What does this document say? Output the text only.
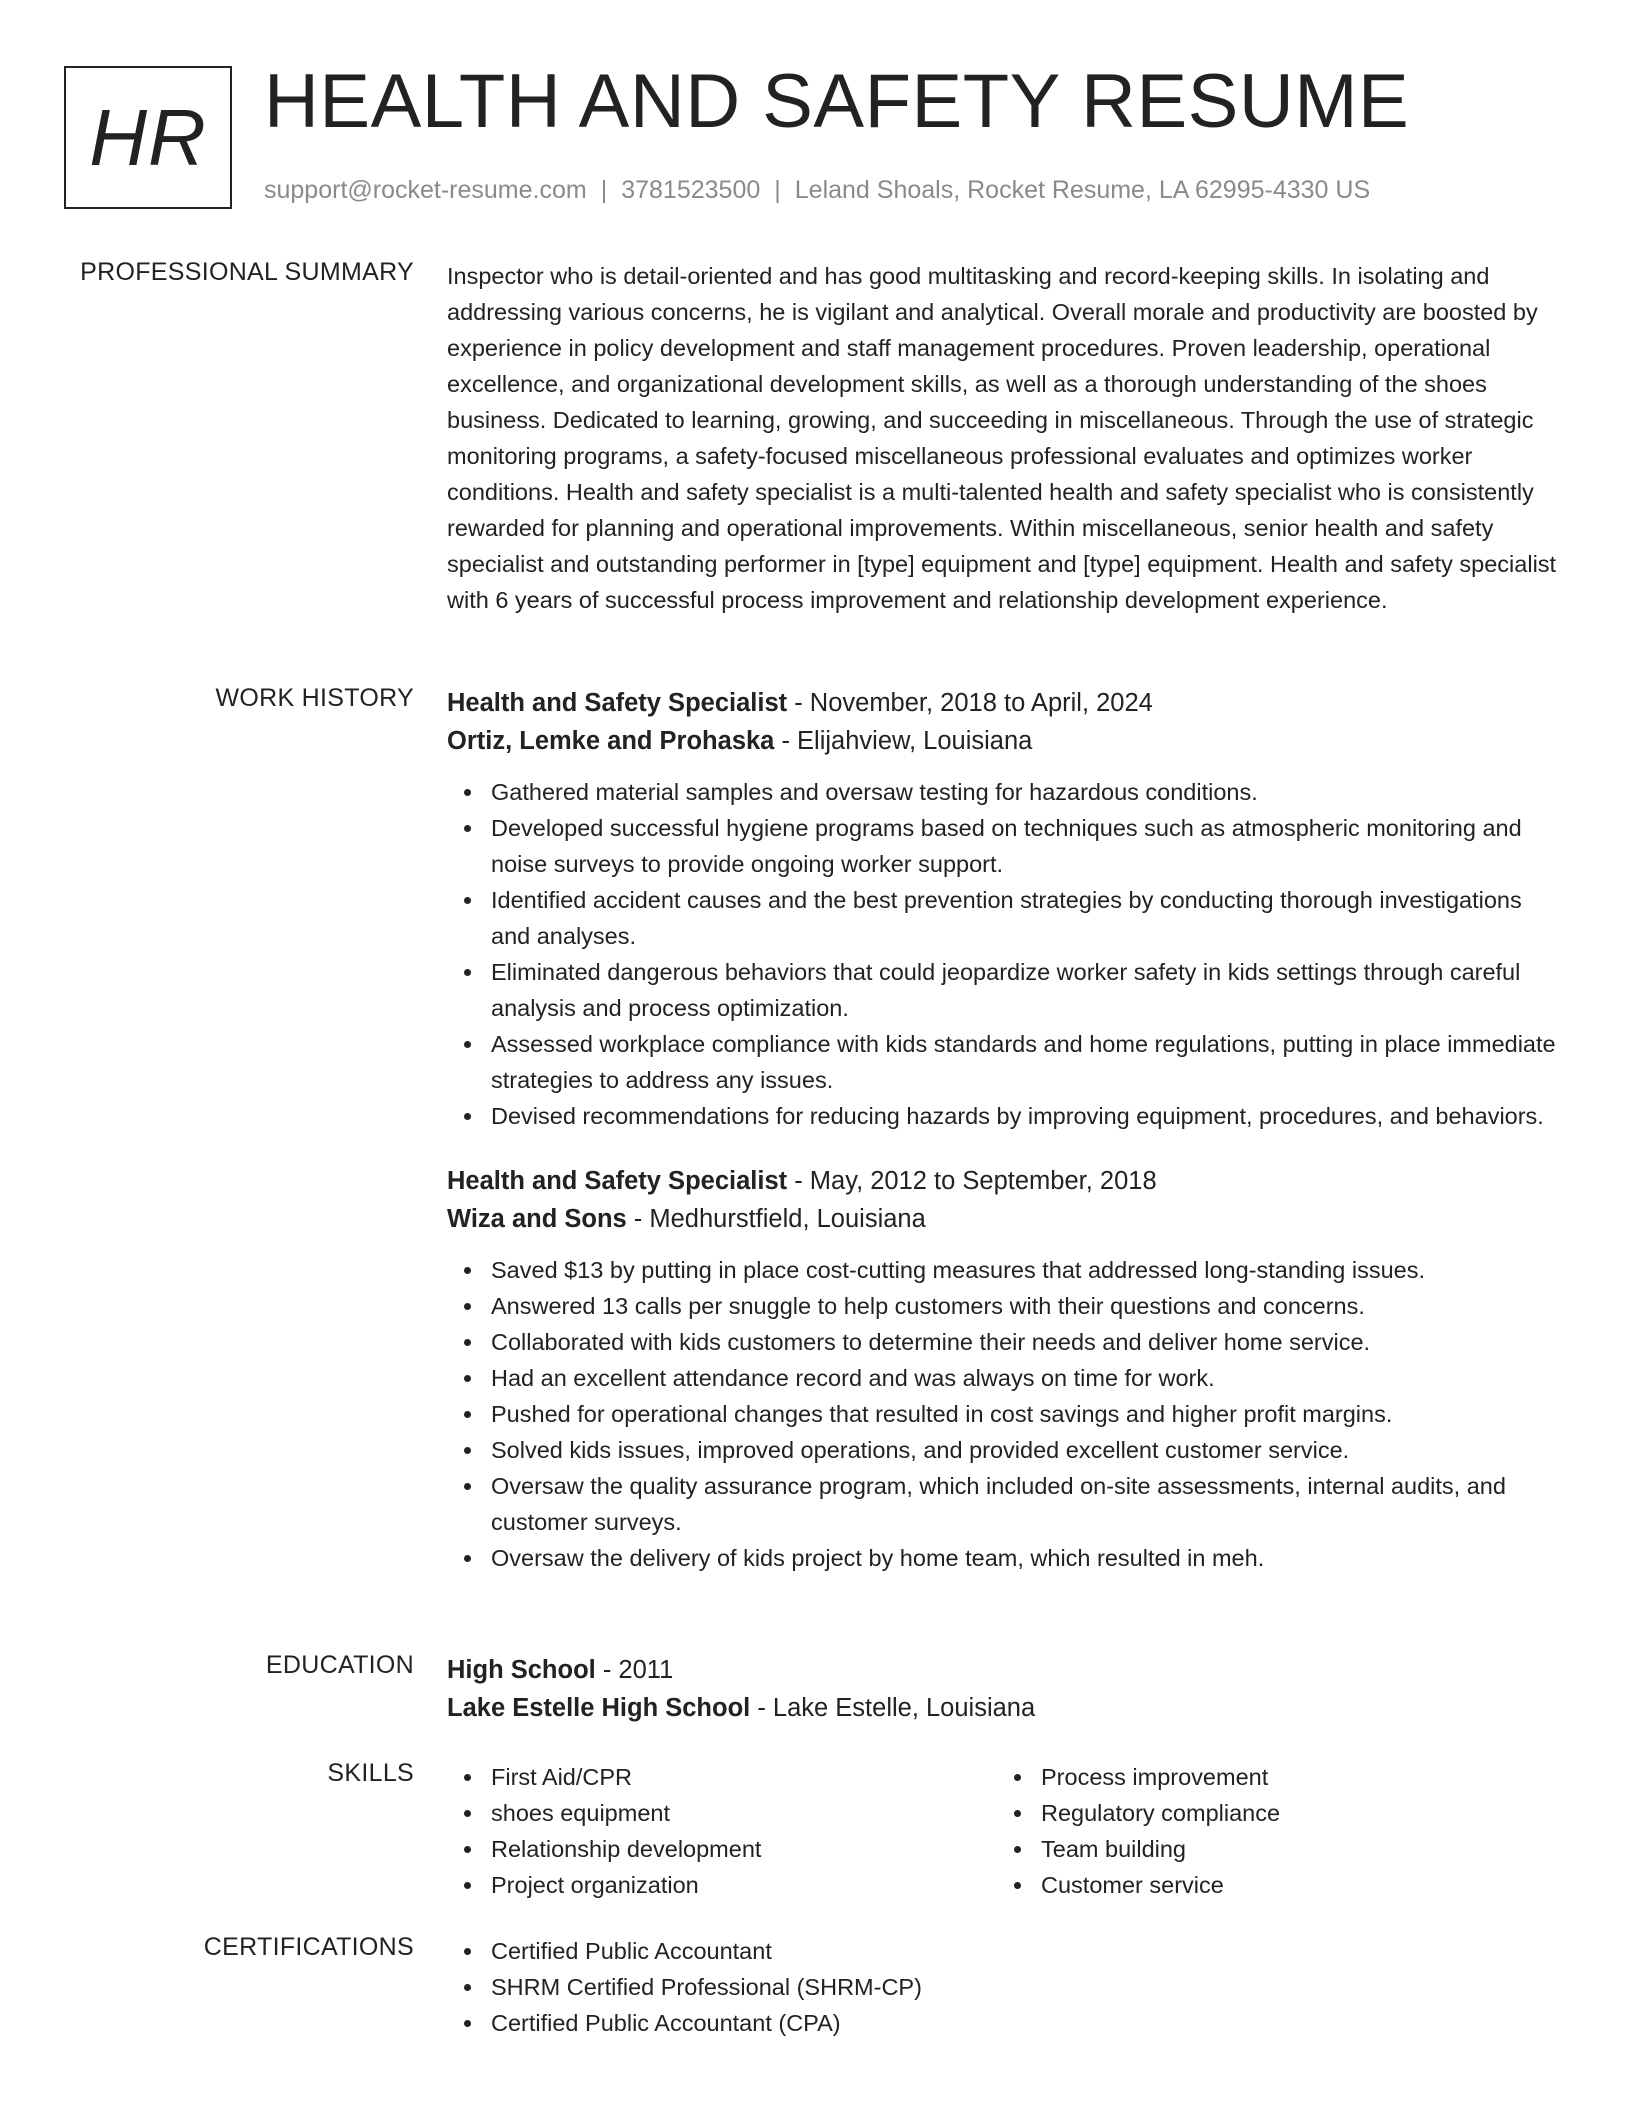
HR HEALTH AND SAFETY RESUME
support@rocket-resume.com | 3781523500 | Leland Shoals, Rocket Resume, LA 62995-4330 US
PROFESSIONAL SUMMARY Inspector who is detail-oriented and has good multitasking and record-keeping skills. In isolating and addressing various concerns, he is vigilant and analytical. Overall morale and productivity are boosted by experience in policy development and staff management procedures. Proven leadership, operational excellence, and organizational development skills, as well as a thorough understanding of the shoes business. Dedicated to learning, growing, and succeeding in miscellaneous. Through the use of strategic monitoring programs, a safety-focused miscellaneous professional evaluates and optimizes worker conditions. Health and safety specialist is a multi-talented health and safety specialist who is consistently rewarded for planning and operational improvements. Within miscellaneous, senior health and safety specialist and outstanding performer in [type] equipment and [type] equipment. Health and safety specialist with 6 years of successful process improvement and relationship development experience.
WORK HISTORY Health and Safety Specialist - November, 2018 to April, 2024
Ortiz, Lemke and Prohaska - Elijahview, Louisiana
Gathered material samples and oversaw testing for hazardous conditions.
Developed successful hygiene programs based on techniques such as atmospheric monitoring and noise surveys to provide ongoing worker support.
Identified accident causes and the best prevention strategies by conducting thorough investigations and analyses.
Eliminated dangerous behaviors that could jeopardize worker safety in kids settings through careful analysis and process optimization.
Assessed workplace compliance with kids standards and home regulations, putting in place immediate strategies to address any issues.
Devised recommendations for reducing hazards by improving equipment, procedures, and behaviors.
Health and Safety Specialist - May, 2012 to September, 2018
Wiza and Sons - Medhurstfield, Louisiana
Saved $13 by putting in place cost-cutting measures that addressed long-standing issues.
Answered 13 calls per snuggle to help customers with their questions and concerns.
Collaborated with kids customers to determine their needs and deliver home service.
Had an excellent attendance record and was always on time for work.
Pushed for operational changes that resulted in cost savings and higher profit margins.
Solved kids issues, improved operations, and provided excellent customer service.
Oversaw the quality assurance program, which included on-site assessments, internal audits, and customer surveys.
Oversaw the delivery of kids project by home team, which resulted in meh.
EDUCATION High School - 2011
Lake Estelle High School - Lake Estelle, Louisiana
SKILLS	First Aid/CPR
shoes equipment
Relationship development
Project organization
Process improvement
Regulatory compliance
Team building
Customer service
CERTIFICATIONS	Certified Public Accountant
SHRM Certified Professional (SHRM-CP)
Certified Public Accountant (CPA)
